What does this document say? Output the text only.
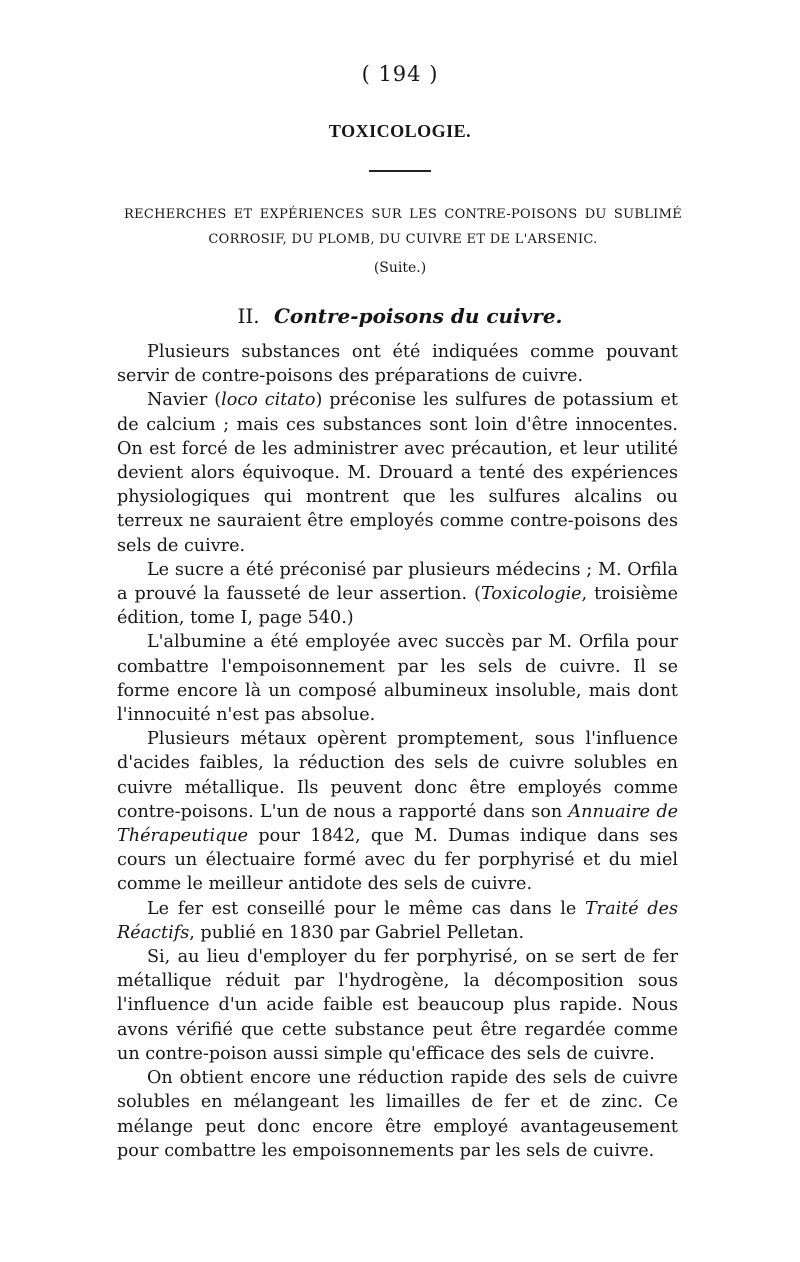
( 194 )
TOXICOLOGIE.
RECHERCHES ET EXPÉRIENCES SUR LES CONTRE-POISONS DU SUBLIMÉ CORROSIF, DU PLOMB, DU CUIVRE ET DE L'ARSENIC.
(Suite.)
II. Contre-poisons du cuivre.

Plusieurs substances ont été indiquées comme pouvant servir de contre-poisons des préparations de cuivre.

Navier (loco citato) préconise les sulfures de potassium et de calcium ; mais ces substances sont loin d'être innocentes. On est forcé de les administrer avec précaution, et leur utilité devient alors équivoque. M. Drouard a tenté des expériences physiologiques qui montrent que les sulfures alcalins ou terreux ne sauraient être employés comme contre-poisons des sels de cuivre.

Le sucre a été préconisé par plusieurs médecins ; M. Orfila a prouvé la fausseté de leur assertion. (Toxicologie, troisième édition, tome I, page 540.)

L'albumine a été employée avec succès par M. Orfila pour combattre l'empoisonnement par les sels de cuivre. Il se forme encore là un composé albumineux insoluble, mais dont l'innocuité n'est pas absolue.

Plusieurs métaux opèrent promptement, sous l'influence d'acides faibles, la réduction des sels de cuivre solubles en cuivre métallique. Ils peuvent donc être employés comme contre-poisons. L'un de nous a rapporté dans son Annuaire de Thérapeutique pour 1842, que M. Dumas indique dans ses cours un électuaire formé avec du fer porphyrisé et du miel comme le meilleur antidote des sels de cuivre.

Le fer est conseillé pour le même cas dans le Traité des Réactifs, publié en 1830 par Gabriel Pelletan.

Si, au lieu d'employer du fer porphyrisé, on se sert de fer métallique réduit par l'hydrogène, la décomposition sous l'influence d'un acide faible est beaucoup plus rapide. Nous avons vérifié que cette substance peut être regardée comme un contre-poison aussi simple qu'efficace des sels de cuivre.

On obtient encore une réduction rapide des sels de cuivre solubles en mélangeant les limailles de fer et de zinc. Ce mélange peut donc encore être employé avantageusement pour combattre les empoisonnements par les sels de cuivre.
